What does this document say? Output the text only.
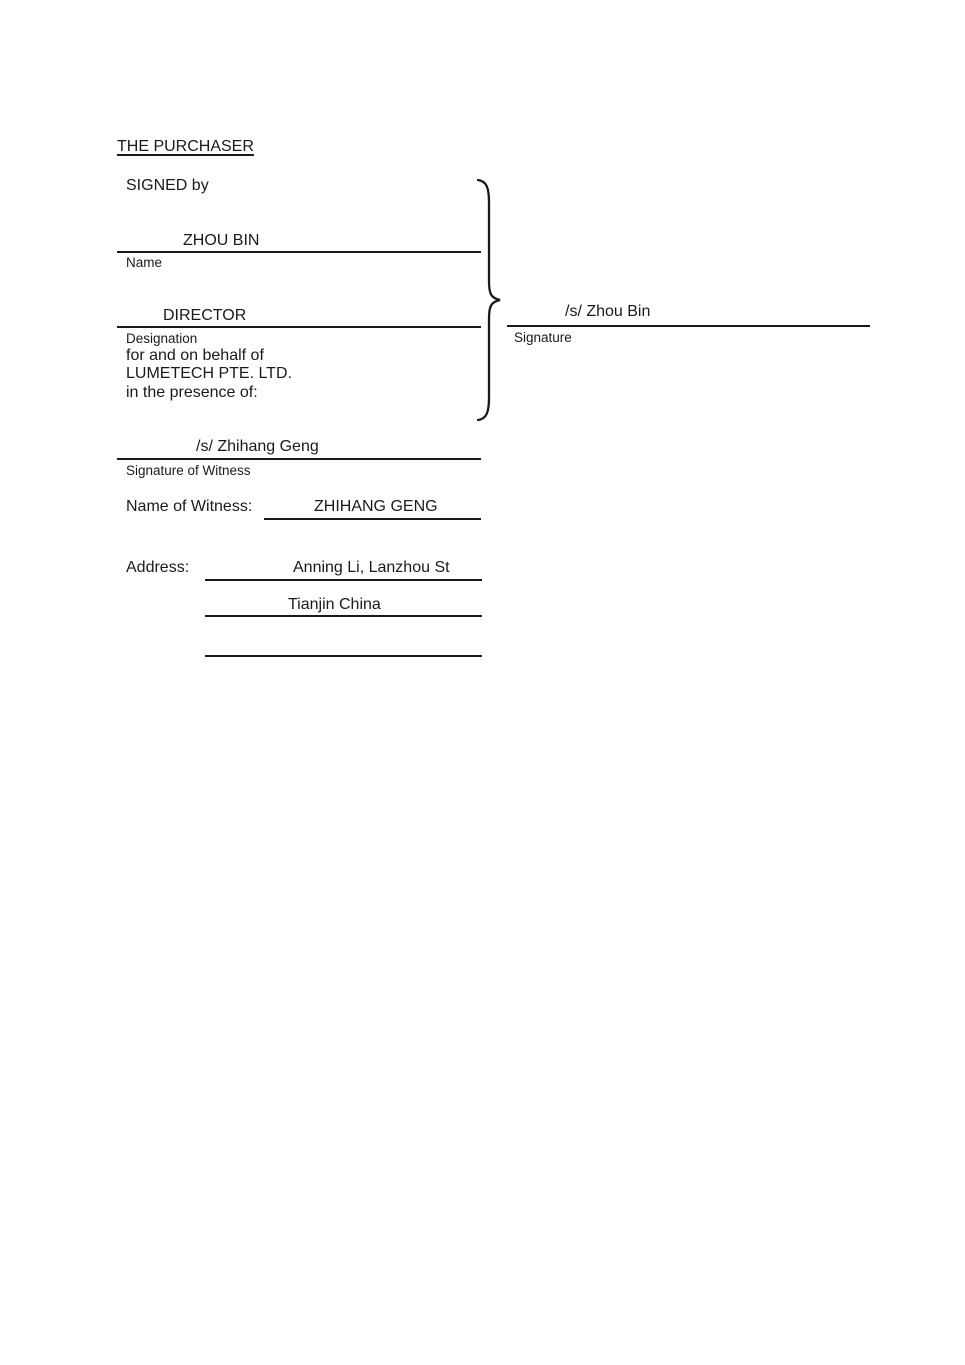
THE PURCHASER
SIGNED by
ZHOU BIN
Name
DIRECTOR
Designation
for and on behalf of
LUMETECH PTE. LTD.
in the presence of:
/s/ Zhou Bin
Signature
/s/ Zhihang Geng
Signature of Witness
Name of Witness:	ZHIHANG GENG
Address:	Anning Li, Lanzhou St
Tianjin China
